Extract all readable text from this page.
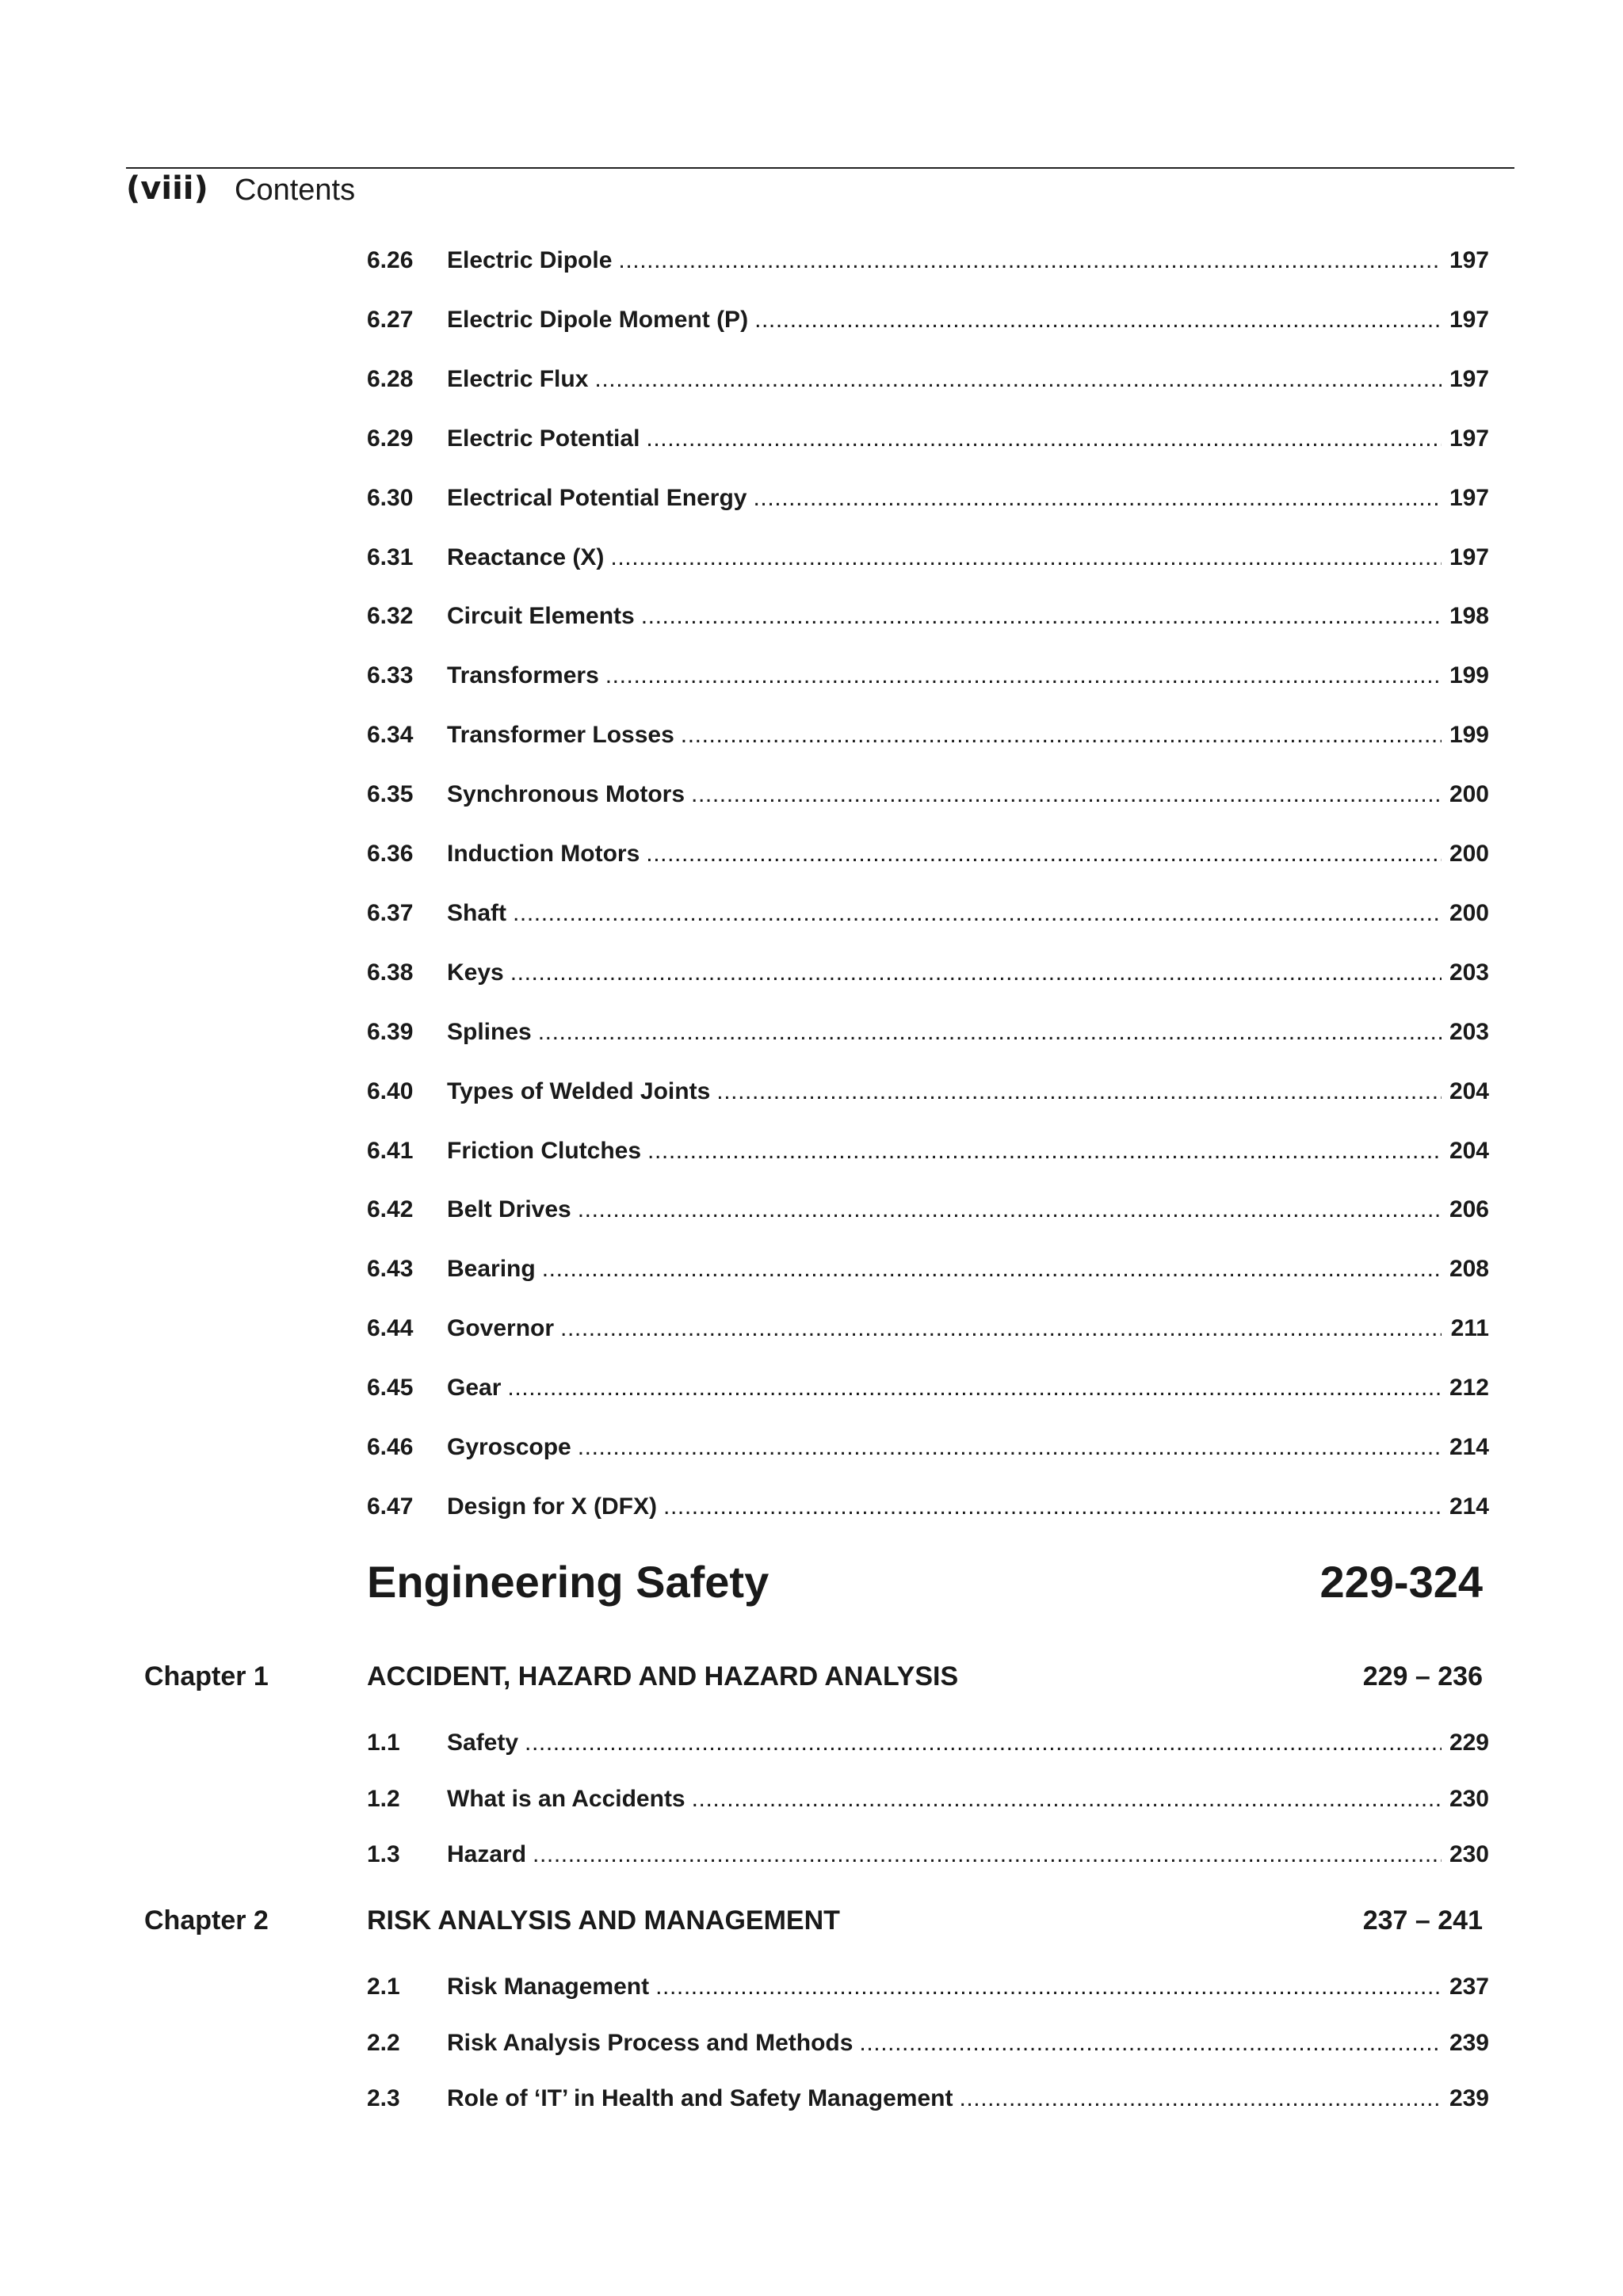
(viii) Contents
6.26	Electric Dipole .....	197
6.27	Electric Dipole Moment (P) .....	197
6.28	Electric Flux .....	197
6.29	Electric Potential .....	197
6.30	Electrical Potential Energy .....	197
6.31	Reactance (X) .....	197
6.32	Circuit Elements .....	198
6.33	Transformers .....	199
6.34	Transformer Losses .....	199
6.35	Synchronous Motors .....	200
6.36	Induction Motors .....	200
6.37	Shaft .....	200
6.38	Keys .....	203
6.39	Splines .....	203
6.40	Types of Welded Joints .....	204
6.41	Friction Clutches .....	204
6.42	Belt Drives .....	206
6.43	Bearing .....	208
6.44	Governor .....	211
6.45	Gear .....	212
6.46	Gyroscope .....	214
6.47	Design for X (DFX) .....	214
Engineering Safety	229-324
Chapter 1	ACCIDENT, HAZARD AND HAZARD ANALYSIS	229 – 236
1.1	Safety .....	229
1.2	What is an Accidents .....	230
1.3	Hazard .....	230
Chapter 2	RISK ANALYSIS AND MANAGEMENT	237 – 241
2.1	Risk Management .....	237
2.2	Risk Analysis Process and Methods .....	239
2.3	Role of ‘IT’ in Health and Safety Management .....	239
